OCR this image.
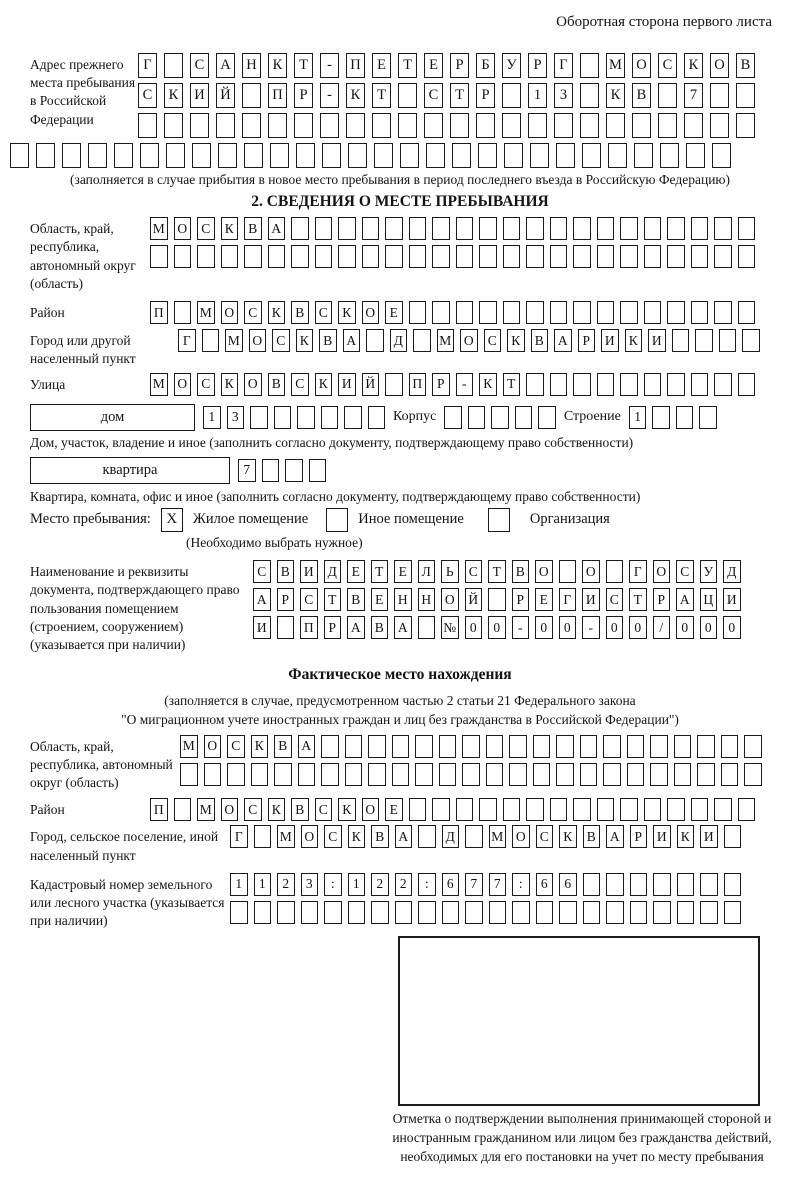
Оборотная сторона первого листа
Адрес прежнего места пребывания в Российской Федерации
Г	С	А Н	К	Т	-	П	Е	Т	Е	Р	Б	У	Р	Г	М О	С	К	О	В
С	К	И Й	П	Р	-	К	Т	С	Т	Р	1	3	К	В	7
(заполняется в случае прибытия в новое место пребывания в период последнего въезда в Российскую Федерацию)
2. СВЕДЕНИЯ О МЕСТЕ ПРЕБЫВАНИЯ
Область, край, республика, автономный округ (область)
М О	С	К	В	А
Район	П	М О	С	К	В	С	К	О	Е
Город или другой населенный пункт
Г	М О	С	К	В	А	Д	М О	С	К	В	А	Р	И	К	И
Улица	М О	С	К	О	В	С	К	И Й	П	Р	-	К	Т
дом	1	3	Корпус	Строение 1
Дом, участок, владение и иное (заполнить согласно документу, подтверждающему право собственности)
квартира	7
Квартира, комната, офис и иное (заполнить согласно документу, подтверждающему право собственности)
Место пребывания:	X	Жилое помещение	Иное помещение	Организация
(Необходимо выбрать нужное)
Наименование и реквизиты документа, подтверждающего право пользования помещением (строением, сооружением) (указывается при наличии)
С	В	И	Д	Е	Т	Е	Л	Ь	С	Т	В	О	О	Г	О	С	У	Д
А	Р	С	Т	В	Е	Н Н О Й	Р	Е	Г	И	С	Т	Р	А Ц И
И	П	Р	А	В	А	№	0	0	-	0	0	-	0	0	/	0	0	0
Фактическое место нахождения
(заполняется в случае, предусмотренном частью 2 статьи 21 Федерального закона
"О миграционном учете иностранных граждан и лиц без гражданства в Российской Федерации")
Область, край, республика, автономный округ (область)
М О	С	К	В	А
Район	П	М О	С	К	В	С	К	О	Е
Город, сельское поселение, иной населенный пункт
Г	М О	С	К	В	А	Д	М О	С	К	В	А	Р	И	К	И
Кадастровый номер земельного или лесного участка (указывается при наличии)
1	1	2	3	:	1	2	2	:	6	7	7	:	6	6
Отметка о подтверждении выполнения принимающей стороной и иностранным гражданином или лицом без гражданства действий, необходимых для его постановки на учет по месту пребывания
